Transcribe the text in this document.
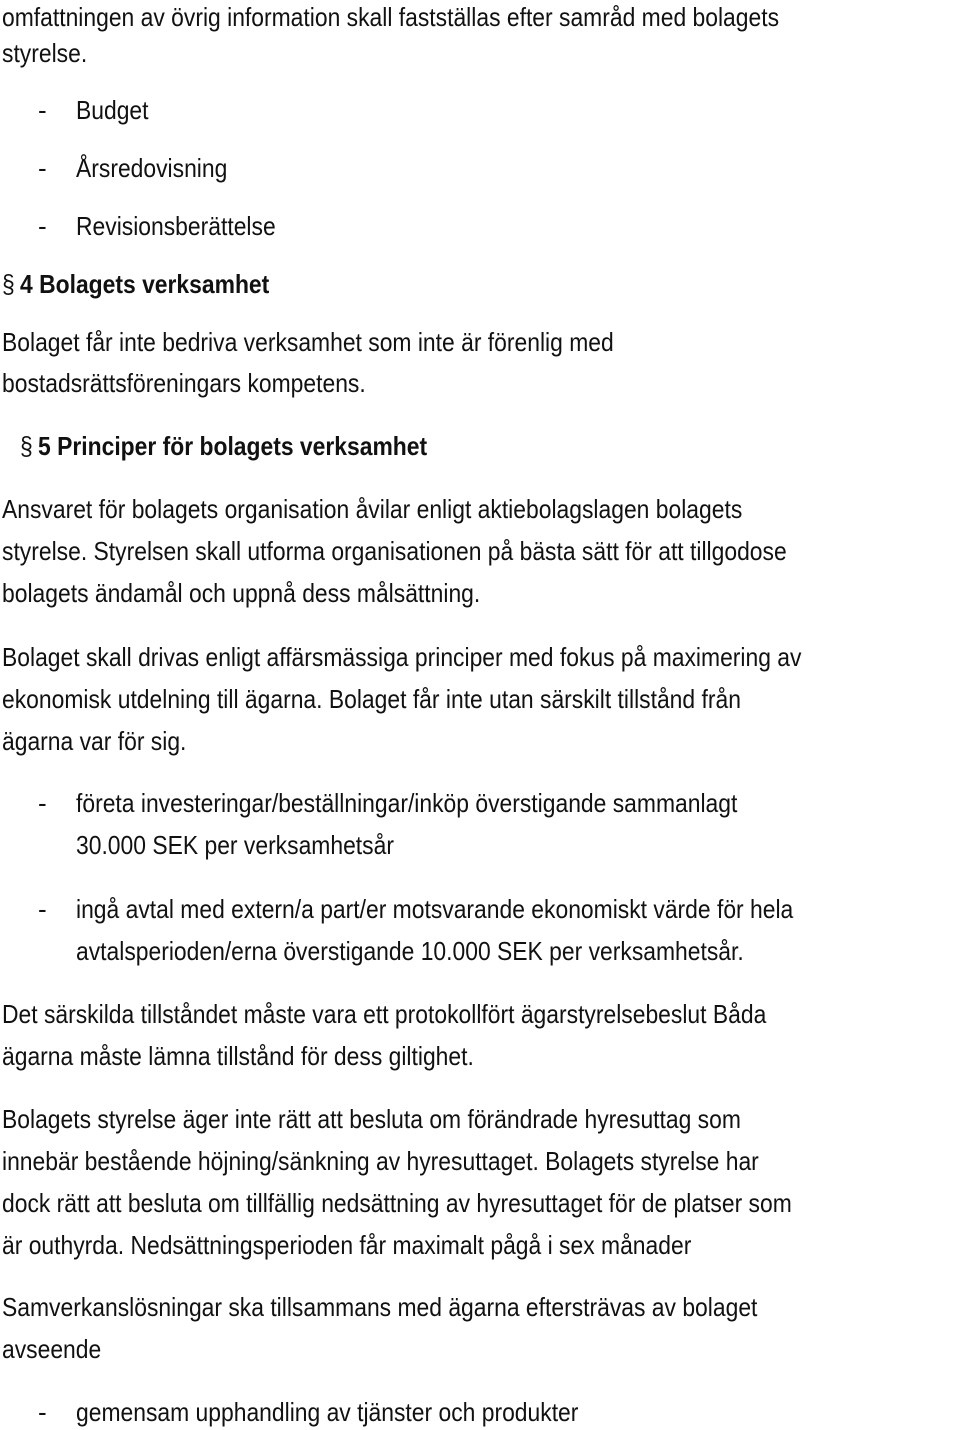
omfattningen av övrig information skall fastställas efter samråd med bolagets

styrelse.

- Budget

- Årsredovisning

- Revisionsberättelse

§ 4 Bolagets verksamhet

Bolaget får inte bedriva verksamhet som inte är förenlig med

bostadsrättsföreningars kompetens.

§ 5 Principer för bolagets verksamhet

Ansvaret för bolagets organisation åvilar enligt aktiebolagslagen bolagets

styrelse. Styrelsen skall utforma organisationen på bästa sätt för att tillgodose

bolagets ändamål och uppnå dess målsättning.

Bolaget skall drivas enligt affärsmässiga principer med fokus på maximering av

ekonomisk utdelning till ägarna. Bolaget får inte utan särskilt tillstånd från

ägarna var för sig.

- företa investeringar/beställningar/inköp överstigande sammanlagt

30.000 SEK per verksamhetsår

- ingå avtal med extern/a part/er motsvarande ekonomiskt värde för hela

avtalsperioden/erna överstigande 10.000 SEK per verksamhetsår.

Det särskilda tillståndet måste vara ett protokollfört ägarstyrelsebeslut Båda

ägarna måste lämna tillstånd för dess giltighet.

Bolagets styrelse äger inte rätt att besluta om förändrade hyresuttag som

innebär bestående höjning/sänkning av hyresuttaget. Bolagets styrelse har

dock rätt att besluta om tillfällig nedsättning av hyresuttaget för de platser som

är outhyrda. Nedsättningsperioden får maximalt pågå i sex månader

Samverkanslösningar ska tillsammans med ägarna eftersträvas av bolaget

avseende

- gemensam upphandling av tjänster och produkter
